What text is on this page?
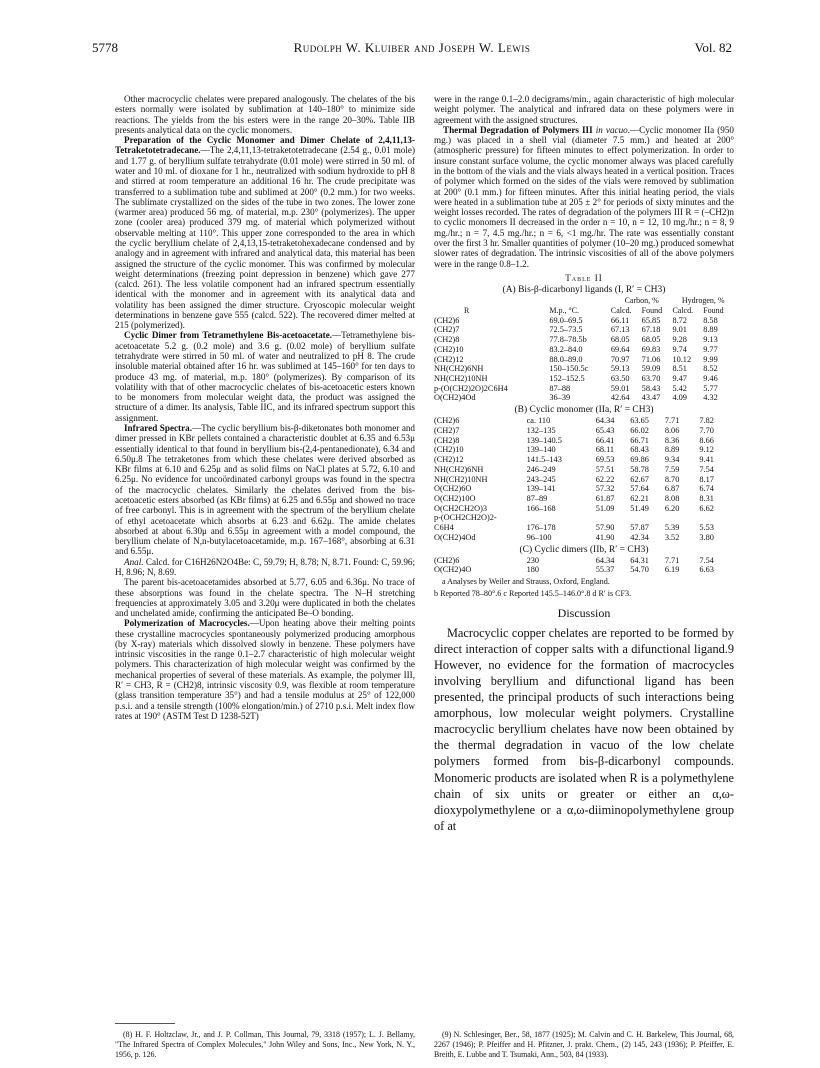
5778	Rudolph W. Kluiber and Joseph W. Lewis	Vol. 82

Other macrocyclic chelates were prepared analogously. The chelates of the bis esters normally were isolated by sublimation at 140–180° to minimize side reactions. The yields from the bis esters were in the range 20–30%. Table IIB presents analytical data on the cyclic monomers.

Preparation of the Cyclic Monomer and Dimer Chelate of 2,4,11,13-Tetraketotetradecane.—The 2,4,11,13-tetraketotetradecane (2.54 g., 0.01 mole) and 1.77 g. of beryllium sulfate tetrahydrate (0.01 mole) were stirred in 50 ml. of water and 10 ml. of dioxane for 1 hr., neutralized with sodium hydroxide to pH 8 and stirred at room temperature an additional 16 hr. The crude precipitate was transferred to a sublimation tube and sublimed at 200° (0.2 mm.) for two weeks. The sublimate crystallized on the sides of the tube in two zones. The lower zone (warmer area) produced 56 mg. of material, m.p. 230° (polymerizes). The upper zone (cooler area) produced 379 mg. of material which polymerized without observable melting at 110°. This upper zone corresponded to the area in which the cyclic beryllium chelate of 2,4,13,15-tetraketohexadecane condensed and by analogy and in agreement with infrared and analytical data, this material has been assigned the structure of the cyclic monomer. This was confirmed by molecular weight determinations (freezing point depression in benzene) which gave 277 (calcd. 261). The less volatile component had an infrared spectrum essentially identical with the monomer and in agreement with its analytical data and volatility has been assigned the dimer structure. Cryoscopic molecular weight determinations in benzene gave 555 (calcd. 522). The recovered dimer melted at 215 (polymerized).

Cyclic Dimer from Tetramethylene Bis-acetoacetate.—Tetramethylene bis-acetoacetate 5.2 g. (0.2 mole) and 3.6 g. (0.02 mole) of beryllium sulfate tetrahydrate were stirred in 50 ml. of water and neutralized to pH 8. The crude insoluble material obtained after 16 hr. was sublimed at 145–160° for ten days to produce 43 mg. of material, m.p. 180° (polymerizes). By comparison of its volatility with that of other macrocyclic chelates of bis-acetoacetic esters known to be monomers from molecular weight data, the product was assigned the structure of a dimer. Its analysis, Table IIC, and its infrared spectrum support this assignment.

Infrared Spectra.—The cyclic beryllium bis-β-diketonates both monomer and dimer pressed in KBr pellets contained a characteristic doublet at 6.35 and 6.53μ essentially identical to that found in beryllium bis-(2,4-pentanedionate), 6.34 and 6.50μ.8 The tetraketones from which these chelates were derived absorbed as KBr films at 6.10 and 6.25μ and as solid films on NaCl plates at 5.72, 6.10 and 6.25μ. No evidence for uncoördinated carbonyl groups was found in the spectra of the macrocyclic chelates. Similarly the chelates derived from the bis-acetoacetic esters absorbed (as KBr films) at 6.25 and 6.55μ and showed no trace of free carbonyl. This is in agreement with the spectrum of the beryllium chelate of ethyl acetoacetate which absorbs at 6.23 and 6.62μ. The amide chelates absorbed at about 6.30μ and 6.55μ in agreement with a model compound, the beryllium chelate of N,n-butylacetoacetamide, m.p. 167–168°, absorbing at 6.31 and 6.55μ.

Anal. Calcd. for C16H26N2O4Be: C, 59.79; H, 8.78; N, 8.71. Found: C, 59.96; H, 8.96; N, 8.69.

The parent bis-acetoacetamides absorbed at 5.77, 6.05 and 6.36μ. No trace of these absorptions was found in the chelate spectra. The N–H stretching frequencies at approximately 3.05 and 3.20μ were duplicated in both the chelates and unchelated amide, confirming the anticipated Be–O bonding.

Polymerization of Macrocycles.—Upon heating above their melting points these crystalline macrocycles spontaneously polymerized producing amorphous (by X-ray) materials which dissolved slowly in benzene. These polymers have intrinsic viscosities in the range 0.1–2.7 characteristic of high molecular weight polymers. This characterization of high molecular weight was confirmed by the mechanical properties of several of these materials. As example, the polymer III, R′ = CH3, R = (CH2)8, intrinsic viscosity 0.9, was flexible at room temperature (glass transition temperature 35°) and had a tensile modulus at 25° of 122,000 p.s.i. and a tensile strength (100% elongation/min.) of 2710 p.s.i. Melt index flow rates at 190° (ASTM Test D 1238-52T)

were in the range 0.1–2.0 decigrams/min., again characteristic of high molecular weight polymer. The analytical and infrared data on these polymers were in agreement with the assigned structures.

Thermal Degradation of Polymers III in vacuo.—Cyclic monomer IIa (950 mg.) was placed in a shell vial (diameter 7.5 mm.) and heated at 200° (atmospheric pressure) for fifteen minutes to effect polymerization. In order to insure constant surface volume, the cyclic monomer always was placed carefully in the bottom of the vials and the vials always heated in a vertical position. Traces of polymer which formed on the sides of the vials were removed by sublimation at 200° (0.1 mm.) for fifteen minutes. After this initial heating period, the vials were heated in a sublimation tube at 205 ± 2° for periods of sixty minutes and the weight losses recorded. The rates of degradation of the polymers III R = (–CH2)n to cyclic monomers II decreased in the order n = 10, n = 12, 10 mg./hr.; n = 8, 9 mg./hr.; n = 7, 4.5 mg./hr.; n = 6, <1 mg./hr. The rate was essentially constant over the first 3 hr. Smaller quantities of polymer (10–20 mg.) produced somewhat slower rates of degradation. The intrinsic viscosities of all of the above polymers were in the range 0.8–1.2.

Table II
(A) Bis-β-dicarbonyl ligands (I, R′ = CH3)
		Carbon, %		Hydrogen, %	
R	M.p., °C.	Calcd.	Found	Calcd.	Found
(CH2)6	69.0–69.5	66.11	65.85	8.72	8.58
(CH2)7	72.5–73.5	67.13	67.18	9.01	8.89
(CH2)8	77.8–78.5b	68.05	68.05	9.28	9.13
(CH2)10	83.2–84.0	69.64	69.83	9.74	9.77
(CH2)12	88.0–89.0	70.97	71.06	10.12	9.99
NH(CH2)6NH	150–150.5c	59.13	59.09	8.51	8.52
NH(CH2)10NH	152–152.5	63.50	63.70	9.47	9.46
p-(O(CH2)2O)2C6H4	87–88	59.01	58.43	5.42	5.77
O(CH2)4Od	36–39	42.64	43.47	4.09	4.32
(B) Cyclic monomer (IIa, R′ = CH3)
(CH2)6	ca. 110	64.34	63.65	7.71	7.82
(CH2)7	132–135	65.43	66.02	8.06	7.70
(CH2)8	139–140.5	66.41	66.71	8.36	8.66
(CH2)10	139–140	68.11	68.43	8.89	9.12
(CH2)12	141.5–143	69.53	69.86	9.34	9.41
NH(CH2)6NH	246–249	57.51	58.78	7.59	7.54
NH(CH2)10NH	243–245	62.22	62.67	8.70	8.17
O(CH2)6O	139–141	57.32	57.64	6.87	6.74
O(CH2)10O	87–89	61.87	62.21	8.08	8.31
O(CH2CH2O)3	166–168	51.09	51.49	6.20	6.62
p-(OCH2CH2O)2-					
C6H4	176–178	57.90	57.87	5.39	5.53
O(CH2)4Od	96–100	41.90	42.34	3.52	3.80
(C) Cyclic dimers (IIb, R′ = CH3)
(CH2)6	230	64.34	64.31	7.71	7.54
O(CH2)4O	180	55.37	54.70	6.19	6.63
a Analyses by Weiler and Strauss, Oxford, England.
b Reported 78–80°.6 c Reported 145.5–146.0°.8 d R′ is CF3.
Discussion

Macrocyclic copper chelates are reported to be formed by direct interaction of copper salts with a difunctional ligand.9 However, no evidence for the formation of macrocycles involving beryllium and difunctional ligand has been presented, the principal products of such interactions being amorphous, low molecular weight polymers. Crystalline macrocyclic beryllium chelates have now been obtained by the thermal degradation in vacuo of the low chelate polymers formed from bis-β-dicarbonyl compounds. Monomeric products are isolated when R is a polymethylene chain of six units or greater or either an α,ω-dioxypolymethylene or a α,ω-diiminopolymethylene group of at

(8) H. F. Holtzclaw, Jr., and J. P. Collman, This Journal, 79, 3318 (1957); L. J. Bellamy, "The Infrared Spectra of Complex Molecules," John Wiley and Sons, Inc., New York, N. Y., 1956, p. 126.

(9) N. Schlesinger, Ber., 58, 1877 (1925); M. Calvin and C. H. Barkelew, This Journal, 68, 2267 (1946); P. Pfeiffer and H. Pfitzner, J. prakt. Chem., (2) 145, 243 (1936); P. Pfeiffer, E. Breith, E. Lubbe and T. Tsumaki, Ann., 503, 84 (1933).
